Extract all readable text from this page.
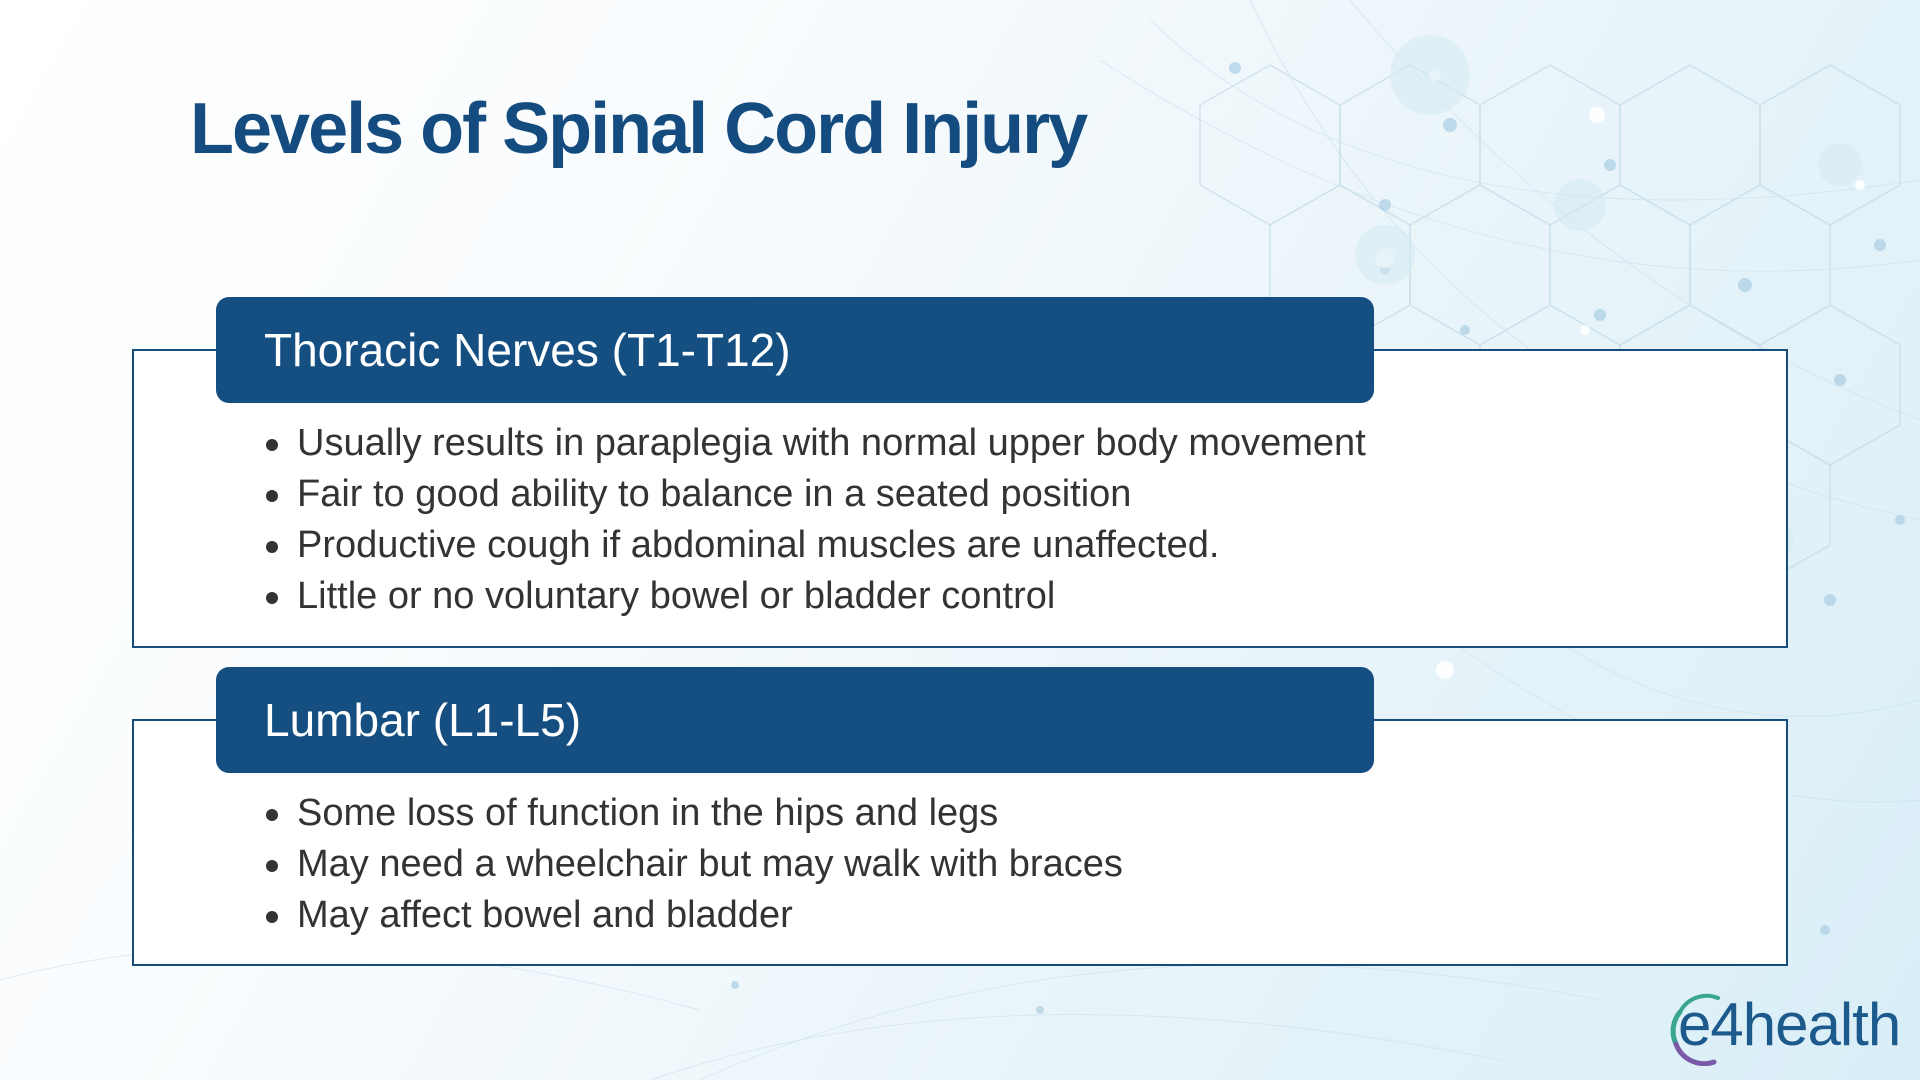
Levels of Spinal Cord Injury
Thoracic Nerves (T1-T12)
Usually results in paraplegia with normal upper body movement
Fair to good ability to balance in a seated position
Productive cough if abdominal muscles are unaffected.
Little or no voluntary bowel or bladder control
Lumbar (L1-L5)
Some loss of function in the hips and legs
May need a wheelchair but may walk with braces
May affect bowel and bladder
e4health
